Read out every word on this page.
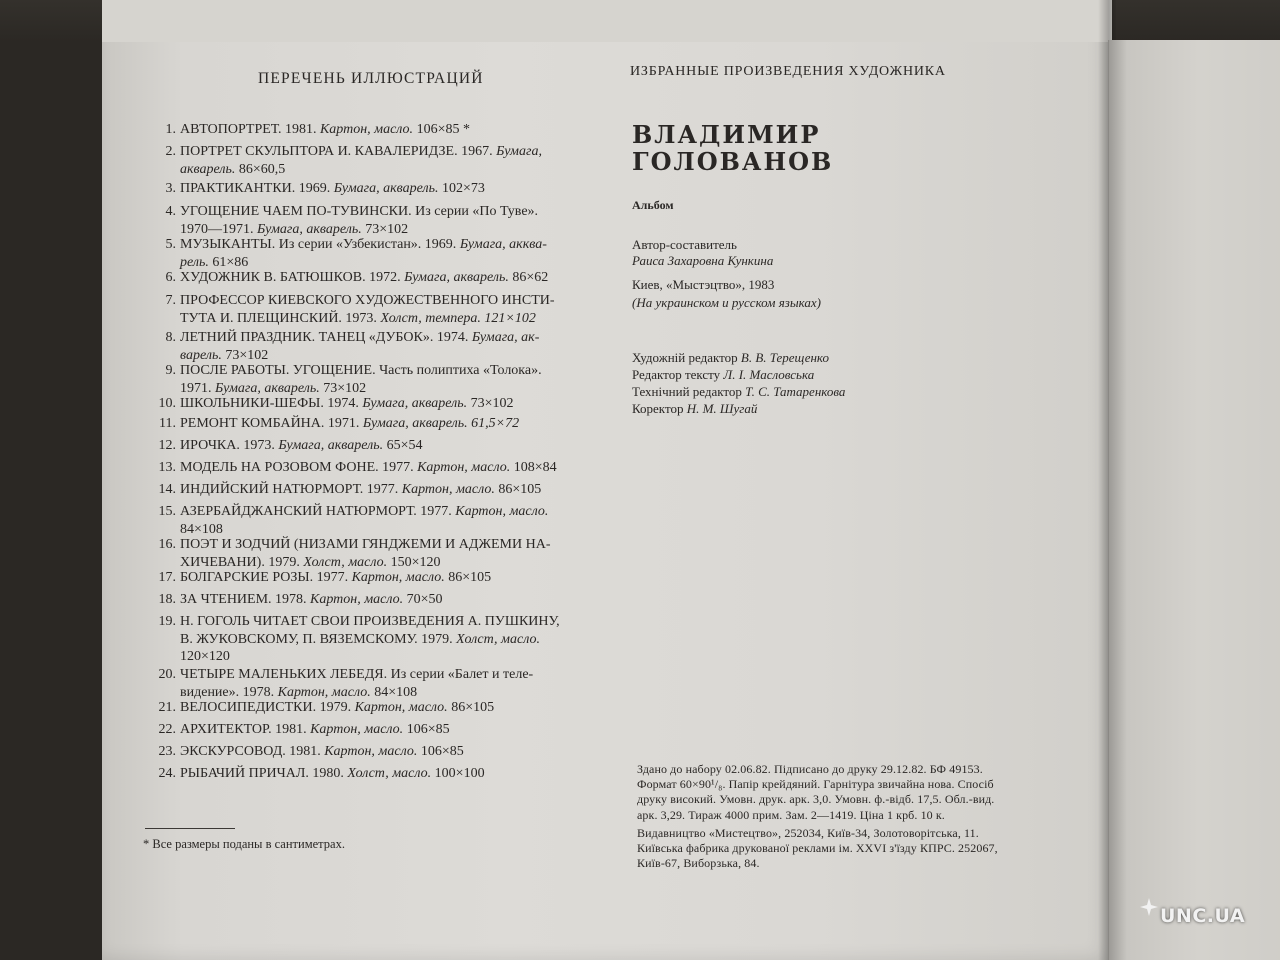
ПЕРЕЧЕНЬ ИЛЛЮСТРАЦИЙ	ИЗБРАННЫЕ ПРОИЗВЕДЕНИЯ ХУДОЖНИКА
1. АВТОПОРТРЕТ. 1981. Картон, масло. 106×85 *
2. ПОРТРЕТ СКУЛЬПТОРА И. КАВАЛЕРИДЗЕ. 1967. Бумага,
акварель. 86×60,5
3. ПРАКТИКАНТКИ. 1969. Бумага, акварель. 102×73
4. УГОЩЕНИЕ ЧАЕМ ПО-ТУВИНСКИ. Из серии «По Туве».
1970—1971. Бумага, акварель. 73×102
5. МУЗЫКАНТЫ. Из серии «Узбекистан». 1969. Бумага, акква-
рель. 61×86
6. ХУДОЖНИК В. БАТЮШКОВ. 1972. Бумага, акварель. 86×62
7. ПРОФЕССОР КИЕВСКОГО ХУДОЖЕСТВЕННОГО ИНСТИ-
ТУТА И. ПЛЕЩИНСКИЙ. 1973. Холст, темпера. 121×102
8. ЛЕТНИЙ ПРАЗДНИК. ТАНЕЦ «ДУБОК». 1974. Бумага, ак-
варель. 73×102
9. ПОСЛЕ РАБОТЫ. УГОЩЕНИЕ. Часть полиптиха «Толока».
1971. Бумага, акварель. 73×102
10. ШКОЛЬНИКИ-ШЕФЫ. 1974. Бумага, акварель. 73×102
11. РЕМОНТ КОМБАЙНА. 1971. Бумага, акварель. 61,5×72
12. ИРОЧКА. 1973. Бумага, акварель. 65×54
13. МОДЕЛЬ НА РОЗОВОМ ФОНЕ. 1977. Картон, масло. 108×84
14. ИНДИЙСКИЙ НАТЮРМОРТ. 1977. Картон, масло. 86×105
15. АЗЕРБАЙДЖАНСКИЙ НАТЮРМОРТ. 1977. Картон, масло.
84×108
16. ПОЭТ И ЗОДЧИЙ (НИЗАМИ ГЯНДЖЕМИ И АДЖЕМИ НА-
ХИЧЕВАНИ). 1979. Холст, масло. 150×120
17. БОЛГАРСКИЕ РОЗЫ. 1977. Картон, масло. 86×105
18. ЗА ЧТЕНИЕМ. 1978. Картон, масло. 70×50
19. Н. ГОГОЛЬ ЧИТАЕТ СВОИ ПРОИЗВЕДЕНИЯ А. ПУШКИНУ,
В. ЖУКОВСКОМУ, П. ВЯЗЕМСКОМУ. 1979. Холст, масло.
120×120
20. ЧЕТЫРЕ МАЛЕНЬКИХ ЛЕБЕДЯ. Из серии «Балет и теле-
видение». 1978. Картон, масло. 84×108
21. ВЕЛОСИПЕДИСТКИ. 1979. Картон, масло. 86×105
22. АРХИТЕКТОР. 1981. Картон, масло. 106×85
23. ЭКСКУРСОВОД. 1981. Картон, масло. 106×85
24. РЫБАЧИЙ ПРИЧАЛ. 1980. Холст, масло. 100×100
* Все размеры поданы в сантиметрах.
ВЛАДИМИР
ГОЛОВАНОВ
Альбом
Автор-составитель
Раиса Захаровна Кункина
Киев, «Мыстэцтво», 1983
(На украинском и русском языках)
Художній редактор В. В. Терещенко
Редактор тексту Л. І. Масловська
Технічний редактор Т. С. Татаренкова
Коректор Н. М. Шугай
Здано до набору 02.06.82. Підписано до друку 29.12.82. БФ 49153.
Формат 60×90¹/₈. Папір крейдяний. Гарнітура звичайна нова. Спосіб
друку високий. Умовн. друк. арк. 3,0. Умовн. ф.-відб. 17,5. Обл.-вид.
арк. 3,29. Тираж 4000 прим. Зам. 2—1419. Ціна 1 крб. 10 к.
Видавництво «Мистецтво», 252034, Київ-34, Золотоворітська, 11.
Київська фабрика друкованої реклами ім. XXVI з'їзду КПРС. 252067,
Київ-67, Виборзька, 84.
UNC.UA
